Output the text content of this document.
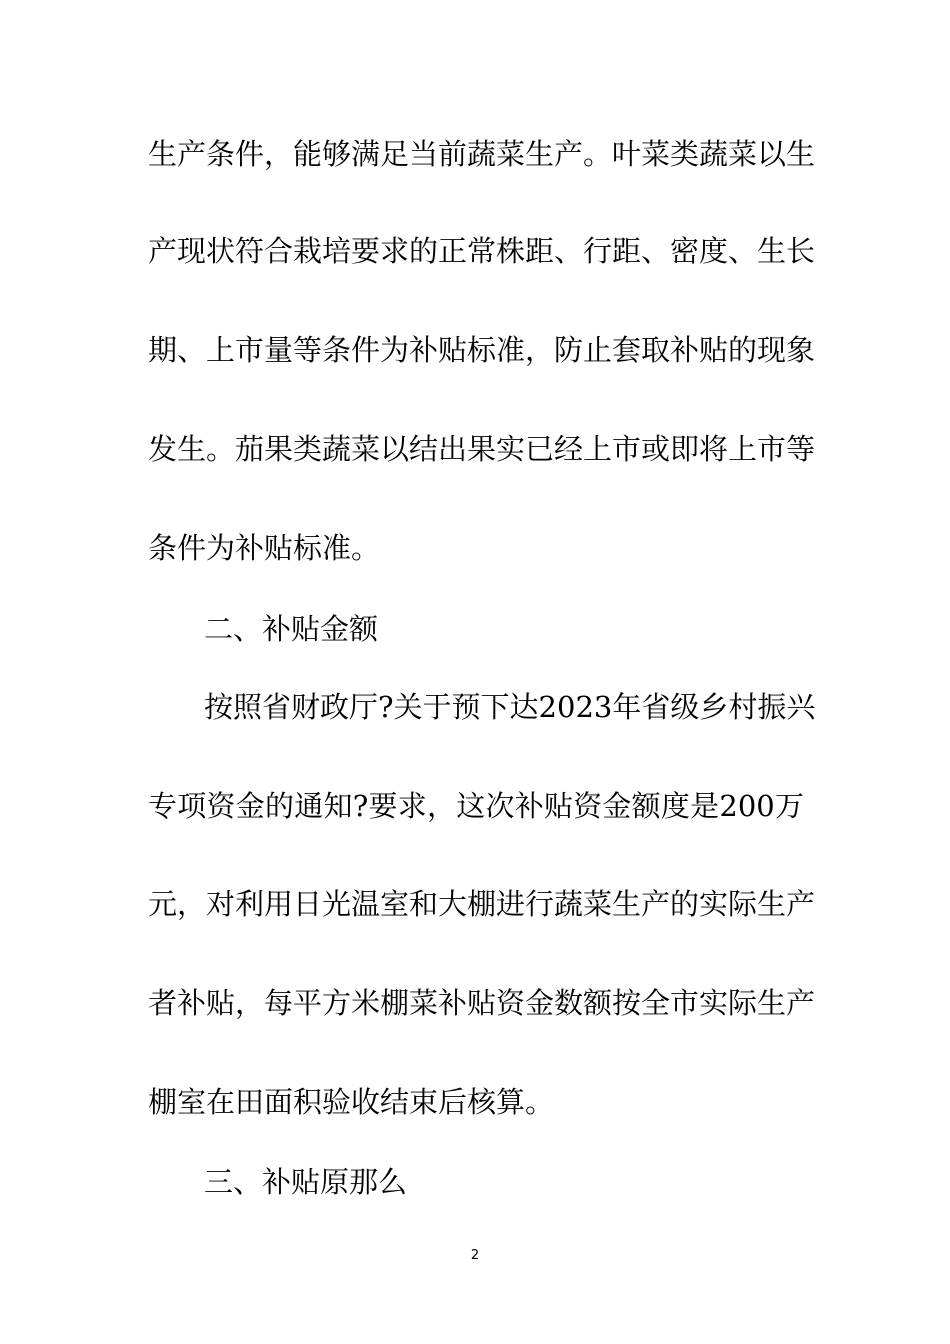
生产条件，能够满足当前蔬菜生产。叶菜类蔬菜以生
产现状符合栽培要求的正常株距、行距、密度、生长
期、上市量等条件为补贴标准，防止套取补贴的现象
发生。茄果类蔬菜以结出果实已经上市或即将上市等
条件为补贴标准。
二、补贴金额
按照省财政厅?关于预下达2023年省级乡村振兴
专项资金的通知?要求，这次补贴资金额度是200万
元，对利用日光温室和大棚进行蔬菜生产的实际生产
者补贴，每平方米棚菜补贴资金数额按全市实际生产
棚室在田面积验收结束后核算。
三、补贴原那么
2
